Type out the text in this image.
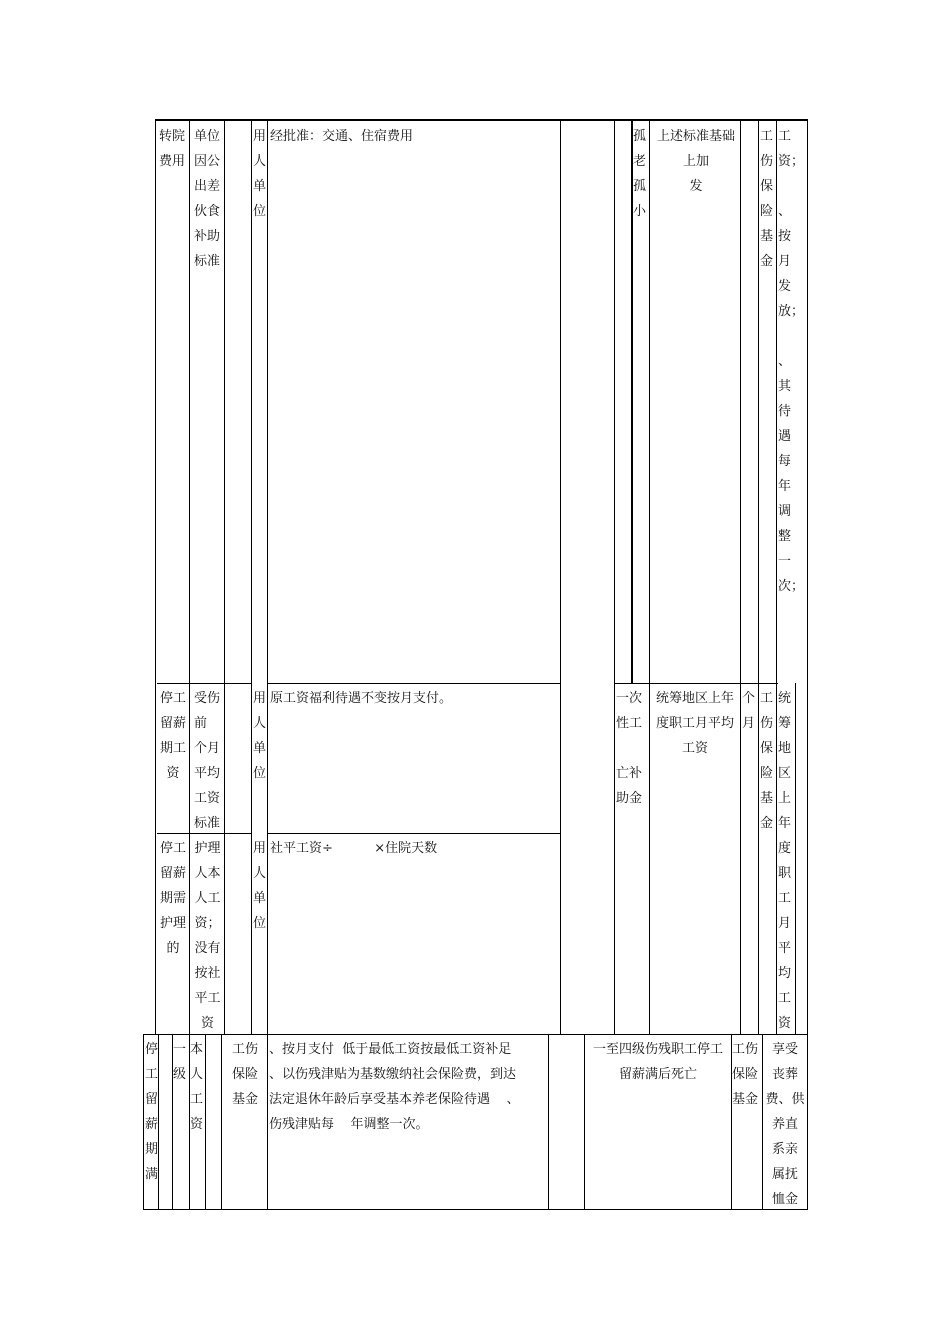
转院
费用
单位
因公
出差
伙食
补助
标准
用
人
单
位
经批准：交通、住宿费用	孤
老
孤
小
上述标准基础
上加
发
工
伤
保
险
基
金
工
资；

、
按
月
发
放；

、
其
待
遇
每
年
调
整
一
次；
停工
留薪
期工
资
受伤
前
个月
平均
工资
标准
用
人
单
位
原工资福利待遇不变按月支付。	一次
性工

亡补
助金
统筹地区上年
度职工月平均
工资
个
月
工
伤
保
险
基
金
统
筹
地
区
上
年
度
职
工
月
平
均
工
资
停工
留薪
期需
护理
的
护理
人本
人工
资；
没有
按社
平工
资
用
人
单
位
社平工资÷          ×住院天数
停
工
留
薪
期
满
一
级
本
人
工
资
工伤
保险
基金
、按月支付  低于最低工资按最低工资补足
、以伤残津贴为基数缴纳社会保险费，到达
法定退休年龄后享受基本养老保险待遇    、
伤残津贴每    年调整一次。
一至四级伤残职工停工
留薪满后死亡
工伤
保险
基金
享受
丧葬
费、供
养直
系亲
属抚
恤金
